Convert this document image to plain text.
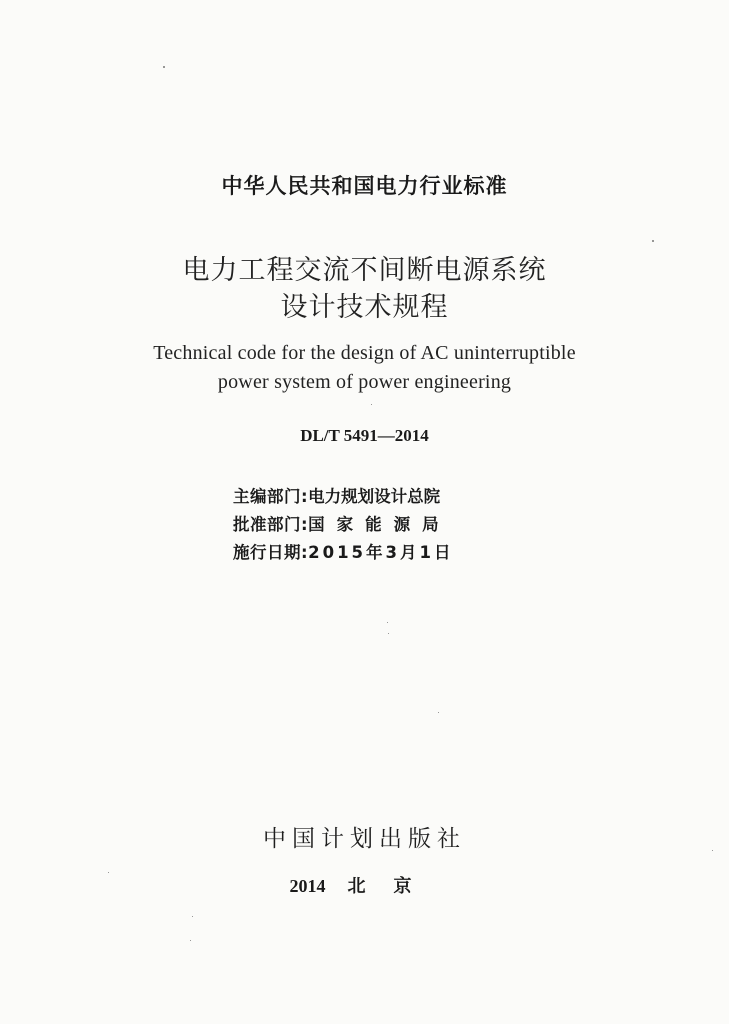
中华人民共和国电力行业标准
电力工程交流不间断电源系统
设计技术规程
Technical code for the design of AC uninterruptible
power system of power engineering
DL/T 5491—2014
主编部门:电力规划设计总院
批准部门:国家能源局
施行日期:2015年3月1日
中国计划出版社
2014 北京
